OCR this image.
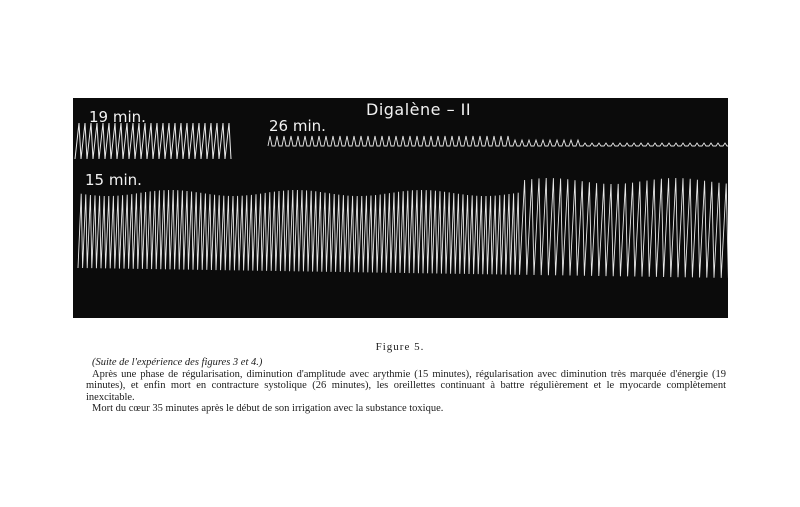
19 min.	26 min.
15 min.
Digalène – II
Figure 5.

(Suite de l'expérience des figures 3 et 4.)

Après une phase de régularisation, diminution d'amplitude avec arythmie (15 minutes), régularisation avec diminution très marquée d'énergie (19 minutes), et enfin mort en contracture systolique (26 minutes), les oreillettes continuant à battre régulièrement et le myocarde complètement inexcitable.

Mort du cœur 35 minutes après le début de son irrigation avec la substance toxique.
